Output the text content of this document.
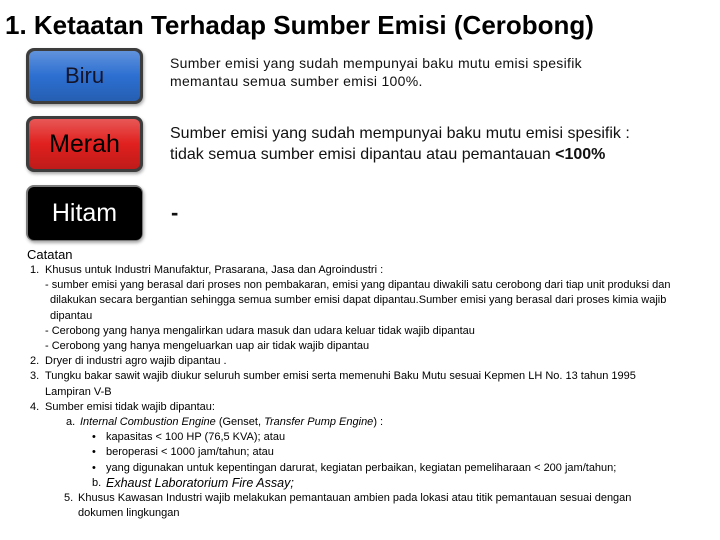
1. Ketaatan Terhadap Sumber Emisi (Cerobong)
Biru	Sumber emisi yang sudah mempunyai baku mutu emisi spesifik memantau semua sumber emisi 100%.
Merah	Sumber emisi yang sudah mempunyai baku mutu emisi spesifik : tidak semua sumber emisi dipantau atau pemantauan <100%
Hitam -
Catatan
1. Khusus untuk Industri Manufaktur, Prasarana, Jasa dan Agroindustri :
- sumber emisi yang berasal dari proses non pembakaran, emisi yang dipantau diwakili satu cerobong dari tiap unit produksi dan dilakukan secara bergantian sehingga semua sumber emisi dapat dipantau.Sumber emisi yang berasal dari proses kimia wajib dipantau
- Cerobong yang hanya mengalirkan udara masuk dan udara keluar tidak wajib dipantau
- Cerobong yang hanya mengeluarkan uap air tidak wajib dipantau
2. Dryer di industri agro wajib dipantau .
3. Tungku bakar sawit wajib diukur seluruh sumber emisi serta memenuhi Baku Mutu sesuai Kepmen LH No. 13 tahun 1995 Lampiran V-B
4. Sumber emisi tidak wajib dipantau:
a. Internal Combustion Engine (Genset, Transfer Pump Engine) :
•
kapasitas < 100 HP (76,5 KVA); atau
•
beroperasi < 1000 jam/tahun; atau
•
yang digunakan untuk kepentingan darurat, kegiatan perbaikan, kegiatan pemeliharaan < 200 jam/tahun;
b. Exhaust Laboratorium Fire Assay;
5. Khusus Kawasan Industri wajib melakukan pemantauan ambien pada lokasi atau titik pemantauan sesuai dengan dokumen lingkungan
